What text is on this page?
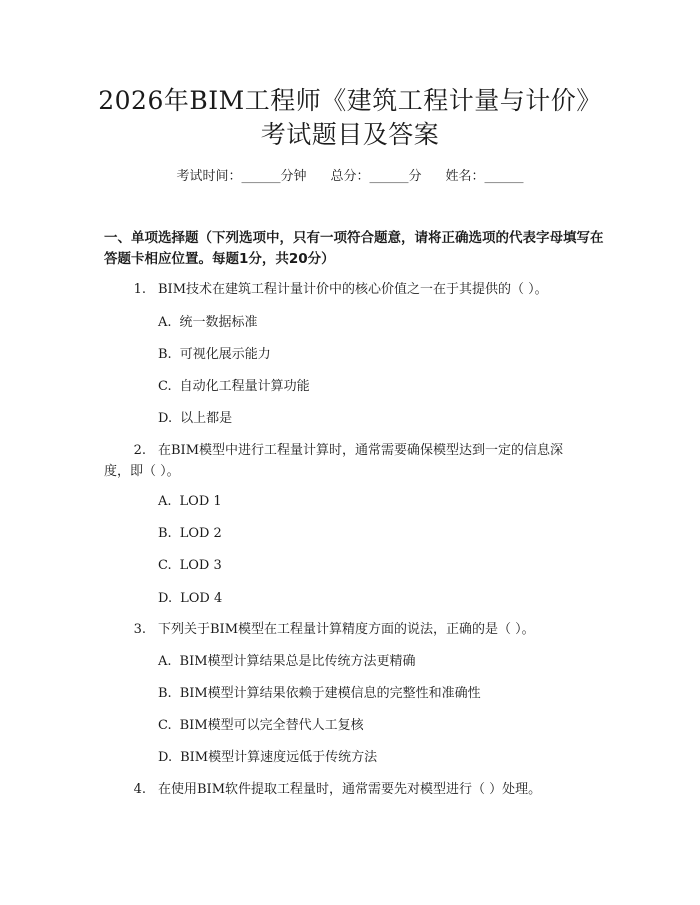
2026年BIM工程师《建筑工程计量与计价》
考试题目及答案
考试时间：______分钟 总分：______分 姓名：______
一、单项选择题（下列选项中，只有一项符合题意，请将正确选项的代表字母填写在答题卡相应位置。每题1分，共20分）
1. BIM技术在建筑工程计量计价中的核心价值之一在于其提供的（ ）。
A. 统一数据标准
B. 可视化展示能力
C. 自动化工程量计算功能
D. 以上都是
2. 在BIM模型中进行工程量计算时，通常需要确保模型达到一定的信息深
度，即（ ）。
A. LOD 1
B. LOD 2
C. LOD 3
D. LOD 4
3. 下列关于BIM模型在工程量计算精度方面的说法，正确的是（ ）。
A. BIM模型计算结果总是比传统方法更精确
B. BIM模型计算结果依赖于建模信息的完整性和准确性
C. BIM模型可以完全替代人工复核
D. BIM模型计算速度远低于传统方法
4. 在使用BIM软件提取工程量时，通常需要先对模型进行（ ）处理。
